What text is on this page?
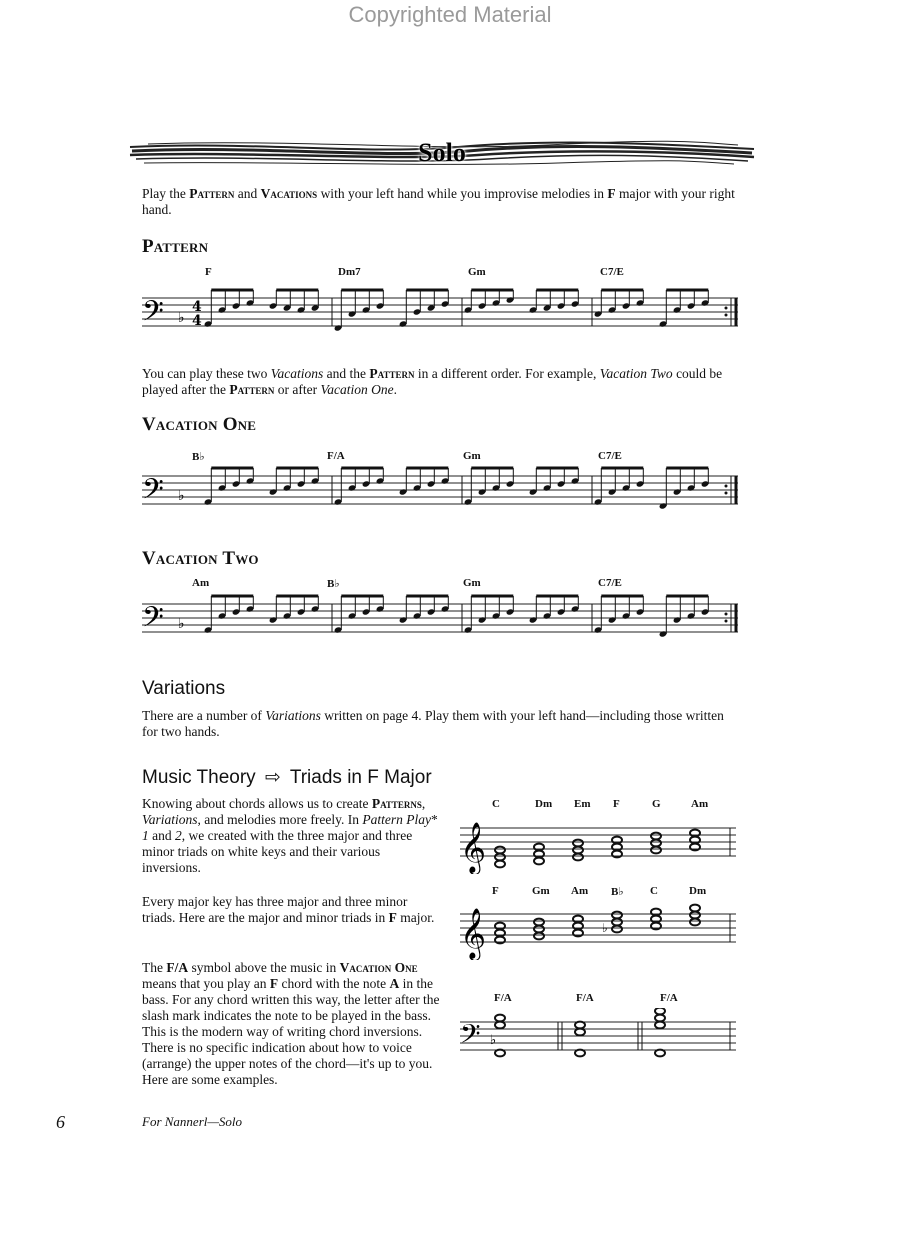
Copyrighted Material
Solo
Play the Pattern and Vacations with your left hand while you improvise melodies in F major with your right hand.
Pattern
F	Dm7	Gm	C7/E
𝄢 ♭
4
4
You can play these two Vacations and the Pattern in a different order. For example, Vacation Two could be played after the Pattern or after Vacation One.
Vacation One
B♭	F/A	Gm	C7/E
𝄢 ♭
Vacation Two
Am	B♭	Gm	C7/E
𝄢 ♭
Variations
There are a number of Variations written on page 4. Play them with your left hand—including those written for two hands.
Music Theory ⇨ Triads in F Major
Knowing about chords allows us to create Patterns, Variations, and melodies more freely. In Pattern Play* 1 and 2, we created with the three major and three minor triads on white keys and their various inversions.
Every major key has three major and three minor triads. Here are the major and minor triads in F major.
The F/A symbol above the music in Vacation One means that you play an F chord with the note A in the bass. For any chord written this way, the letter after the slash mark indicates the note to be played in the bass. This is the modern way of writing chord inversions. There is no specific indication about how to voice (arrange) the upper notes of the chord—it's up to you. Here are some examples.
C	Dm Em F	G	Am
𝄞
F	Gm Am B♭ C	Dm
𝄞	♭
F/A	F/A	F/A
𝄢 ♭
6	For Nannerl—Solo
